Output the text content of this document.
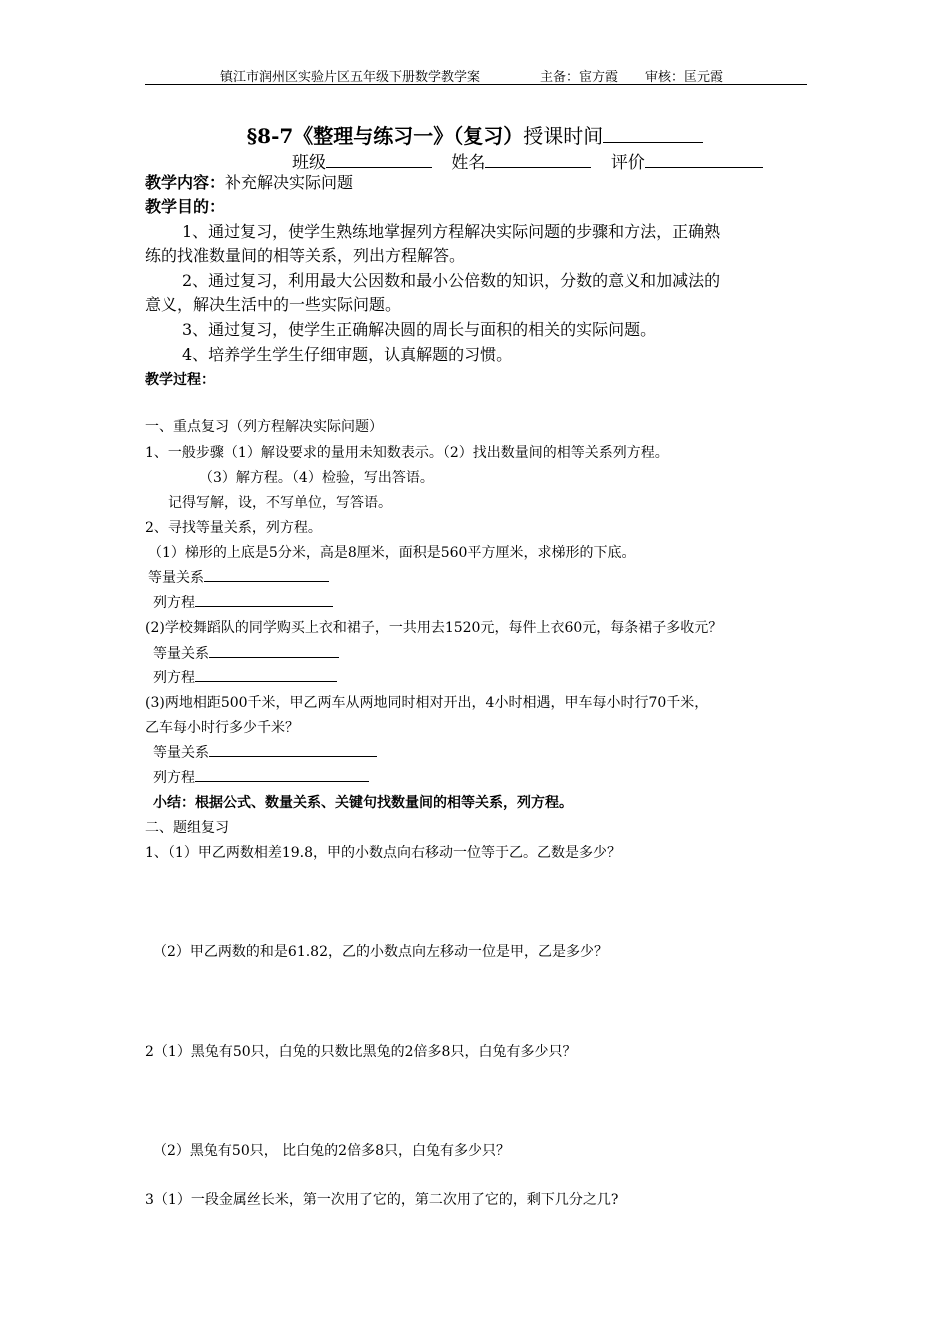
镇江市润州区实验片区五年级下册数学教学案	主备：宦方霞 审核：匡元霞
§8-7《整理与练习一》（复习）授课时间
班级	姓名	评价
教学内容：补充解决实际问题
教学目的：
1、通过复习，使学生熟练地掌握列方程解决实际问题的步骤和方法，正确熟
练的找准数量间的相等关系，列出方程解答。
2、通过复习，利用最大公因数和最小公倍数的知识，分数的意义和加减法的
意义，解决生活中的一些实际问题。
3、通过复习，使学生正确解决圆的周长与面积的相关的实际问题。
4、培养学生学生仔细审题，认真解题的习惯。
教学过程：
一、重点复习（列方程解决实际问题）
1、一般步骤（1）解设要求的量用未知数表示。（2）找出数量间的相等关系列方程。
（3）解方程。（4）检验，写出答语。
记得写解，设，不写单位，写答语。
2、寻找等量关系，列方程。
（1）梯形的上底是5分米，高是8厘米，面积是560平方厘米，求梯形的下底。
等量关系
列方程
(2)学校舞蹈队的同学购买上衣和裙子，一共用去1520元，每件上衣60元，每条裙子多收元？
等量关系
列方程
(3)两地相距500千米，甲乙两车从两地同时相对开出，4小时相遇，甲车每小时行70千米，
乙车每小时行多少千米？
等量关系
列方程
小结：根据公式、数量关系、关键句找数量间的相等关系，列方程。
二、题组复习
1、（1）甲乙两数相差19.8，甲的小数点向右移动一位等于乙。乙数是多少？
（2）甲乙两数的和是61.82，乙的小数点向左移动一位是甲，乙是多少？
2（1）黑兔有50只，白兔的只数比黑兔的2倍多8只，白兔有多少只？
（2）黑兔有50只， 比白兔的2倍多8只，白兔有多少只？
3（1）一段金属丝长米，第一次用了它的，第二次用了它的，剩下几分之几?
